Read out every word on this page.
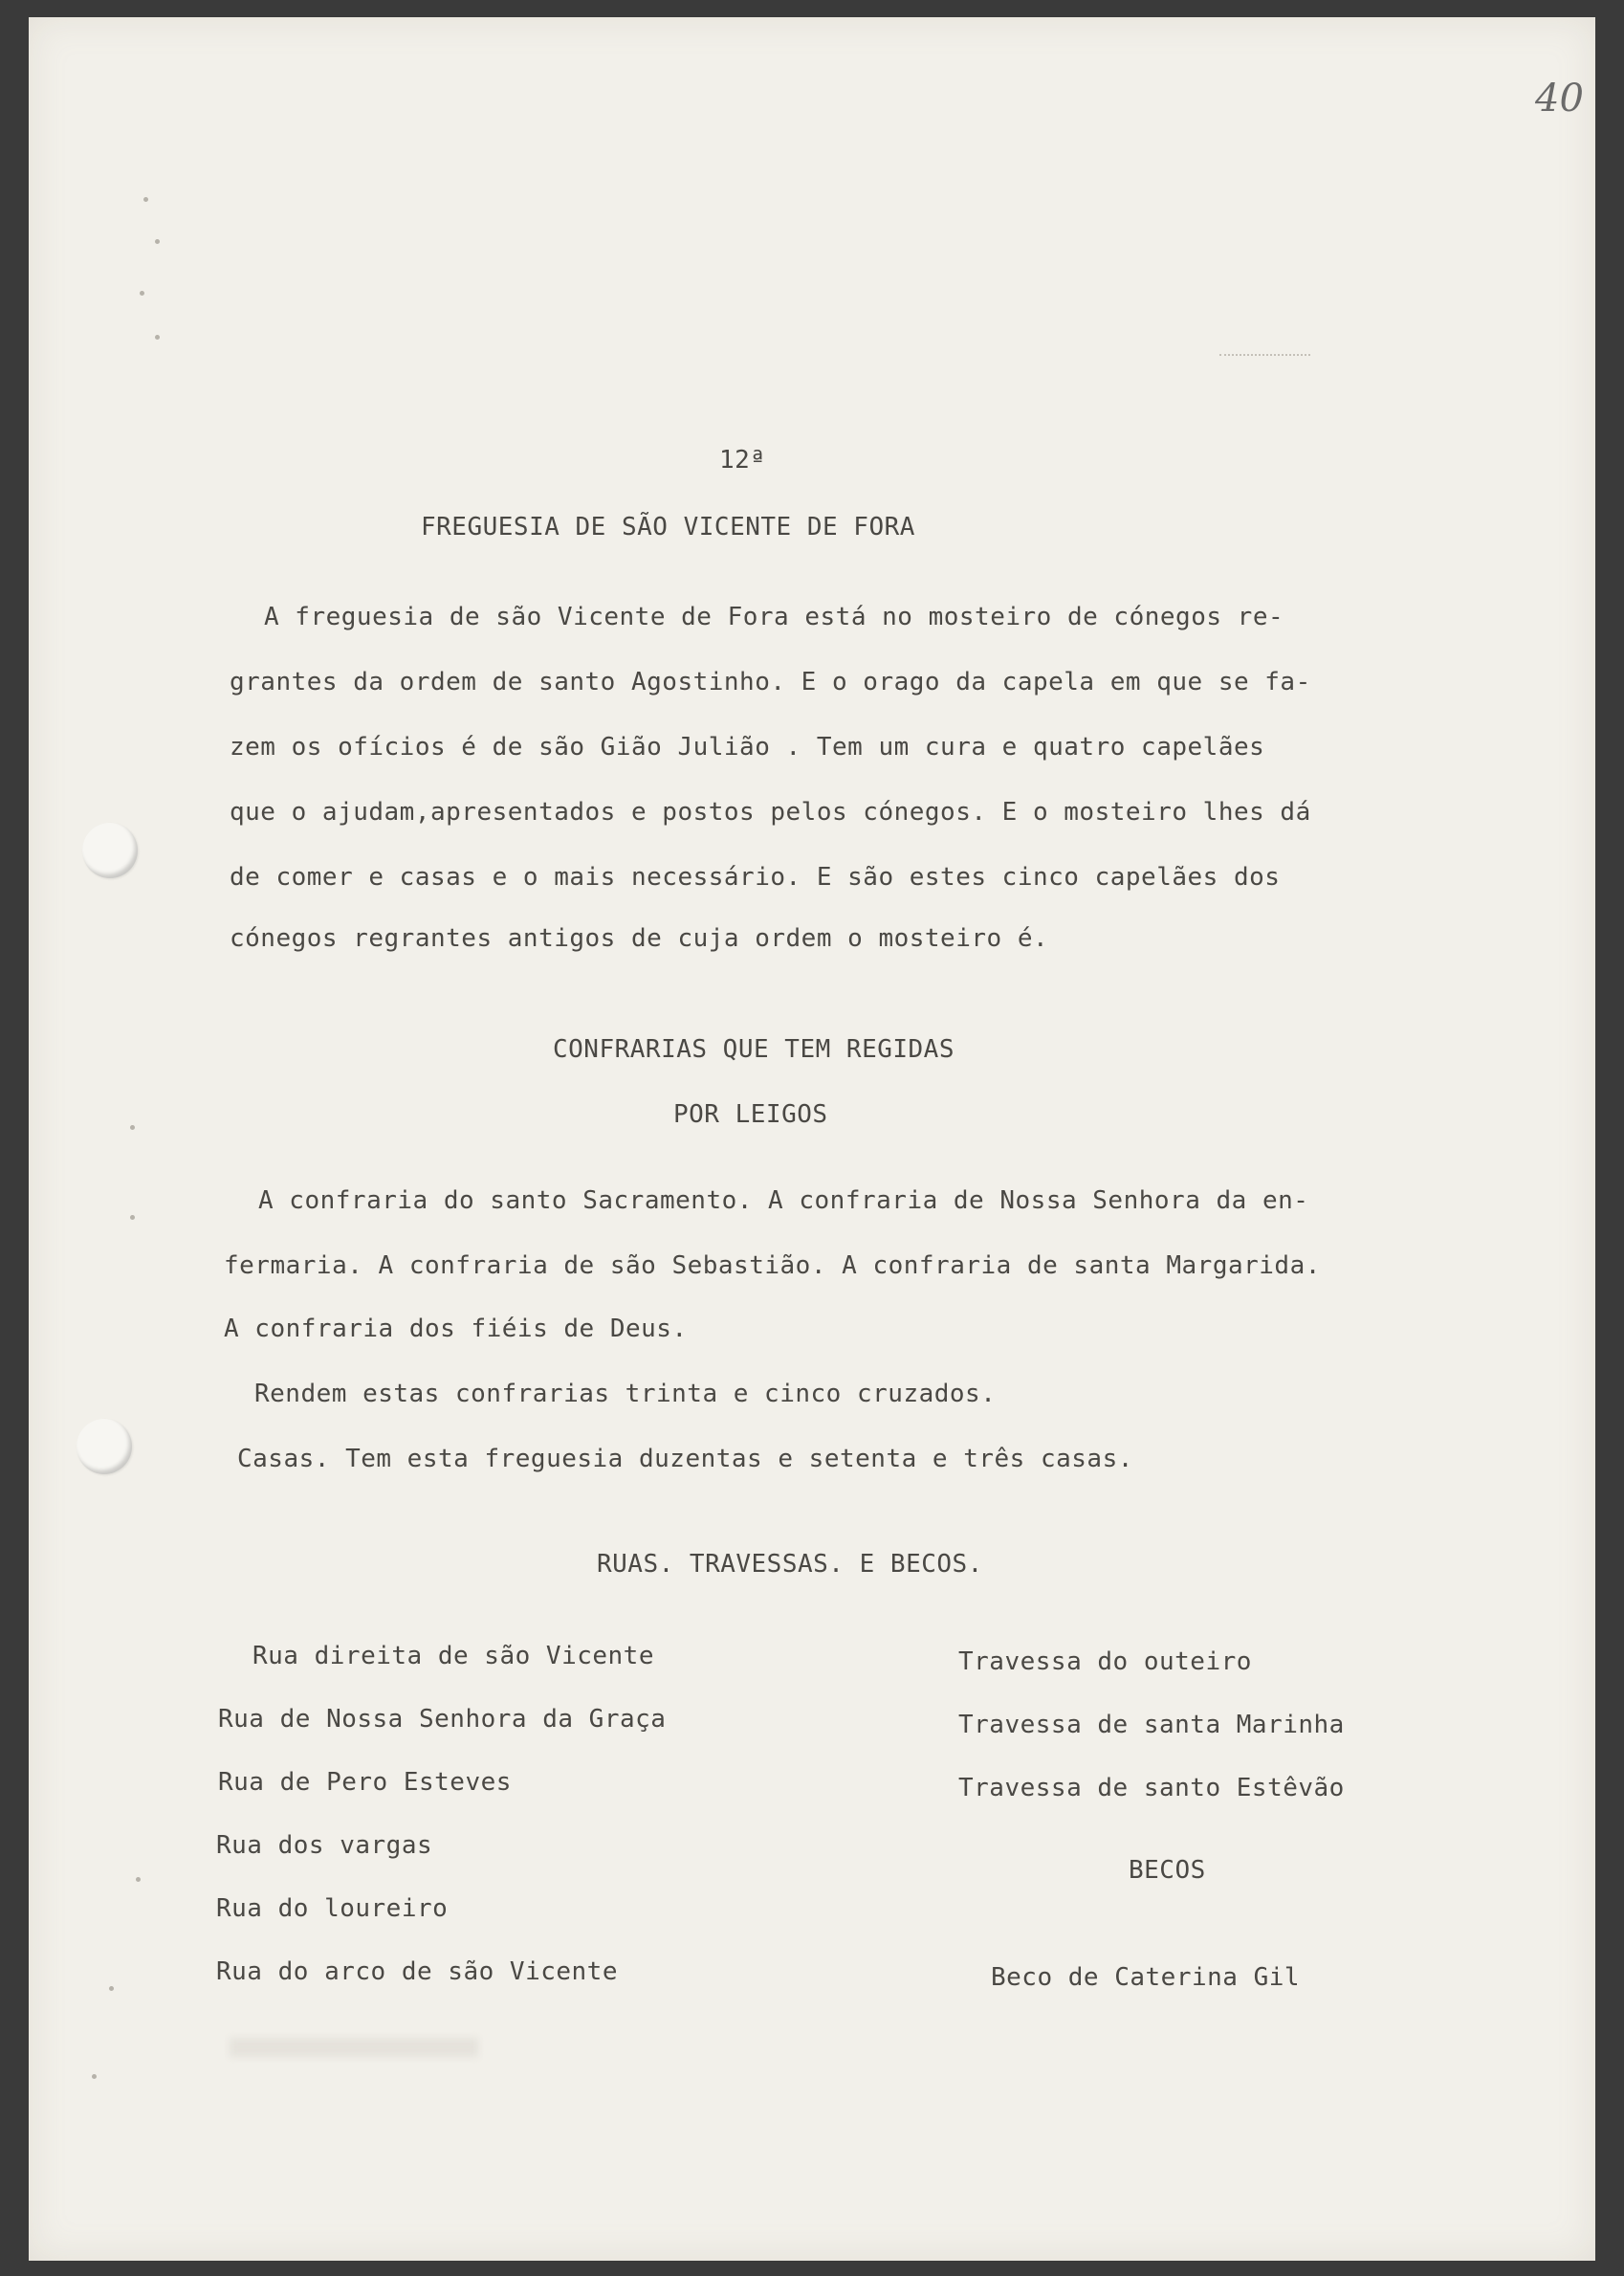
40
12ª
FREGUESIA DE SÃO VICENTE DE FORA
A freguesia de são Vicente de Fora está no mosteiro de cónegos re-
grantes da ordem de santo Agostinho. E o orago da capela em que se fa-
zem os ofícios é de são Gião Julião . Tem um cura e quatro capelães
que o ajudam,apresentados e postos pelos cónegos. E o mosteiro lhes dá
de comer e casas e o mais necessário. E são estes cinco capelães dos
cónegos regrantes antigos de cuja ordem o mosteiro é.
CONFRARIAS QUE TEM REGIDAS
POR LEIGOS
A confraria do santo Sacramento. A confraria de Nossa Senhora da en-
fermaria. A confraria de são Sebastião. A confraria de santa Margarida.
A confraria dos fiéis de Deus.
Rendem estas confrarias trinta e cinco cruzados.
Casas. Tem esta freguesia duzentas e setenta e três casas.
RUAS. TRAVESSAS. E BECOS.
Rua direita de são Vicente
Rua de Nossa Senhora da Graça
Rua de Pero Esteves
Rua dos vargas
Rua do loureiro
Rua do arco de são Vicente
Travessa do outeiro
Travessa de santa Marinha
Travessa de santo Estêvão
BECOS
Beco de Caterina Gil
